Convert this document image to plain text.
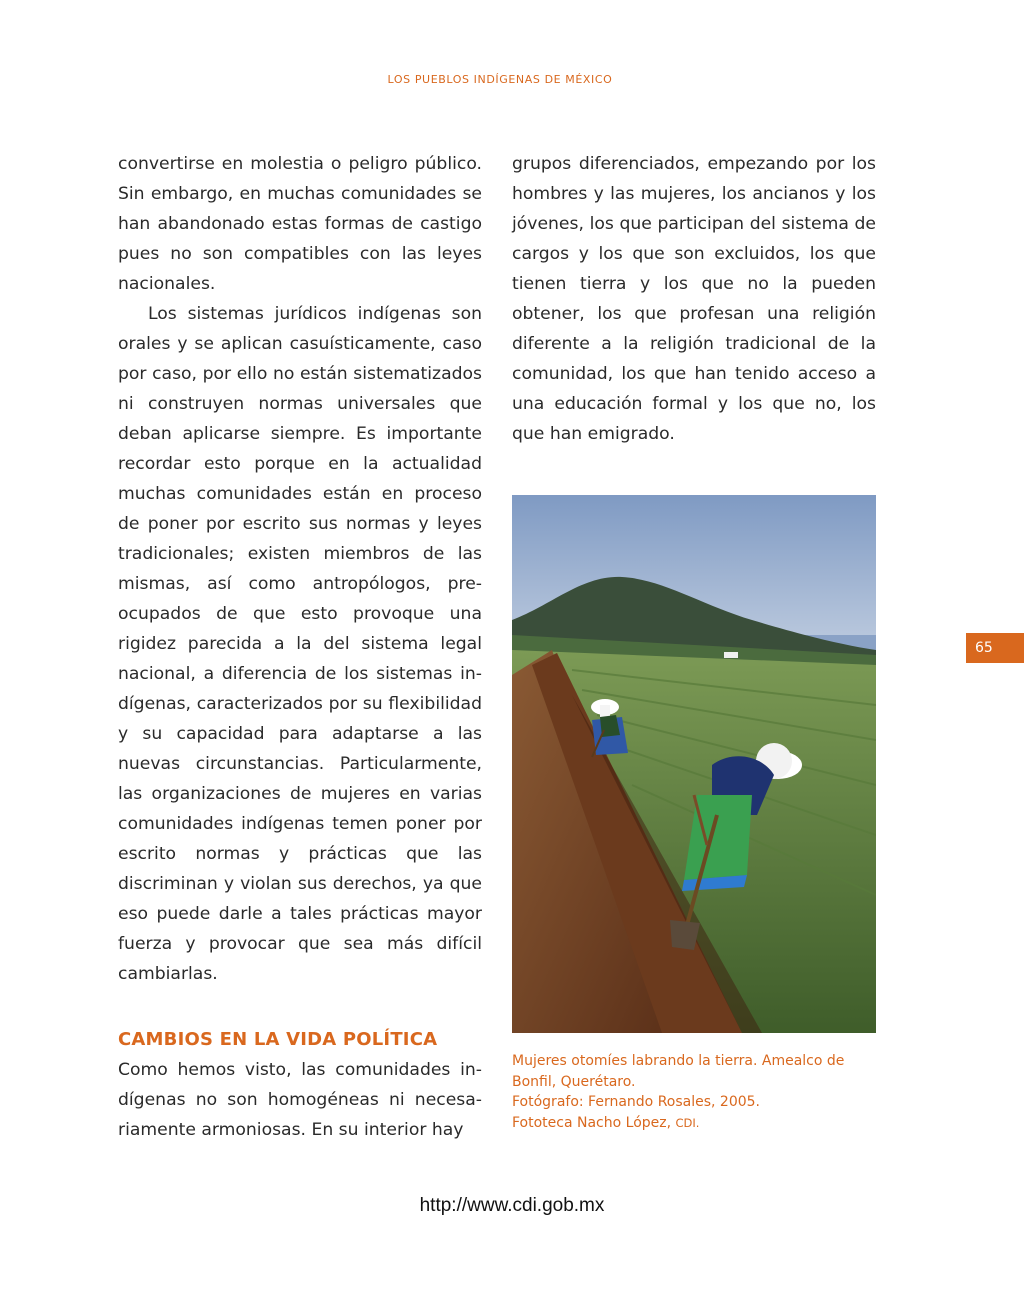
LOS PUEBLOS INDÍGENAS DE MÉXICO

convertirse en molestia o peligro público. Sin embargo, en muchas comunidades se han abandonado estas formas de castigo pues no son compatibles con las leyes nacionales.

Los sistemas jurídicos indígenas son orales y se aplican casuísticamente, caso por caso, por ello no están sistematizados ni construyen normas universales que deban aplicarse siempre. Es importante recordar esto porque en la actualidad muchas comunidades están en proceso de poner por escrito sus normas y leyes tradicionales; existen miembros de las mismas, así como antropólogos, preocupados de que esto provoque una rigidez parecida a la del sistema legal nacional, a diferencia de los sistemas indígenas, caracterizados por su flexibilidad y su capacidad para adaptarse a las nuevas circunstancias. Particularmente, las organizaciones de mujeres en varias comunidades indígenas temen poner por escrito normas y prácticas que las discriminan y violan sus derechos, ya que eso puede darle a tales prácticas mayor fuerza y provocar que sea más difícil cambiarlas.

CAMBIOS EN LA VIDA POLÍTICA

Como hemos visto, las comunidades indígenas no son homogéneas ni necesariamente armoniosas. En su interior hay

grupos diferenciados, empezando por los hombres y las mujeres, los ancianos y los jóvenes, los que participan del sistema de cargos y los que son excluidos, los que tienen tierra y los que no la pueden obtener, los que profesan una religión diferente a la religión tradicional de la comunidad, los que han tenido acceso a una educación formal y los que no, los que han emigrado.

65
Mujeres otomíes labrando la tierra. Amealco de Bonfil, Querétaro.
Fotógrafo: Fernando Rosales, 2005.
Fototeca Nacho López, CDI.
http://www.cdi.gob.mx
